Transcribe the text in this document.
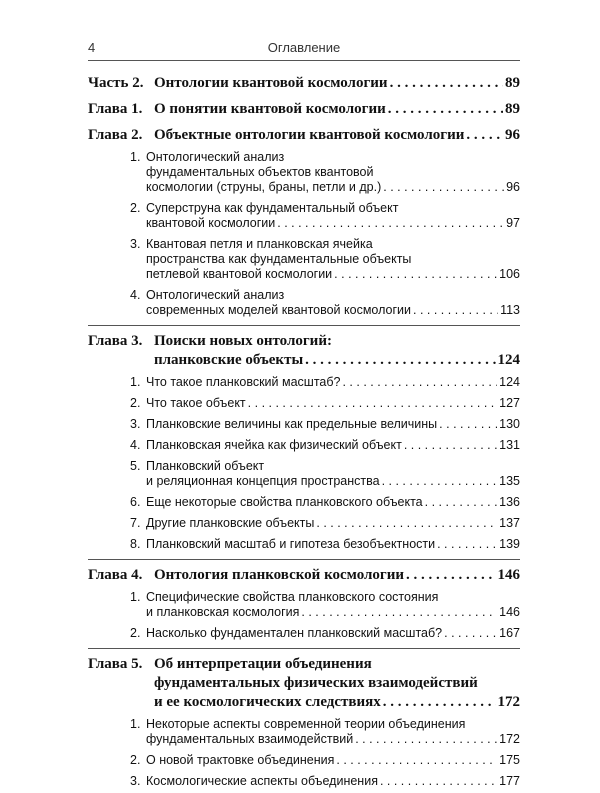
4	Оглавление
Часть 2. Онтологии квантовой космологии . . .	89
Глава 1. О понятии квантовой космологии . . .	89
Глава 2. Объектные онтологии квантовой космологии . . .	96
1. Онтологический анализ
фундаментальных объектов квантовой
космологии (струны, браны, петли и др.) . . .	96
2. Суперструна как фундаментальный объект
квантовой космологии . . .	97
3. Квантовая петля и планковская ячейка
пространства как фундаментальные объекты
петлевой квантовой космологии . . .	106
4. Онтологический анализ
современных моделей квантовой космологии . . .	113
Глава 3. Поиски новых онтологий:
планковские объекты . . .	124
1. Что такое планковский масштаб? . . .	124
2. Что такое объект . . .	127
3. Планковские величины как предельные величины . . .	130
4. Планковская ячейка как физический объект . . .	131
5. Планковский объект
и реляционная концепция пространства . . .	135
6. Еще некоторые свойства планковского объекта . . .	136
7. Другие планковские объекты . . .	137
8. Планковский масштаб и гипотеза безобъектности . . .	139
Глава 4. Онтология планковской космологии . . .	146
1. Специфические свойства планковского состояния
и планковская космология . . .	146
2. Насколько фундаментален планковский масштаб? . . .	167
Глава 5. Об интерпретации объединения
фундаментальных физических взаимодействий
и ее космологических следствиях . . .	172
1. Некоторые аспекты современной теории объединения
фундаментальных взаимодействий . . .	172
2. О новой трактовке объединения . . .	175
3. Космологические аспекты объединения . . .	177
